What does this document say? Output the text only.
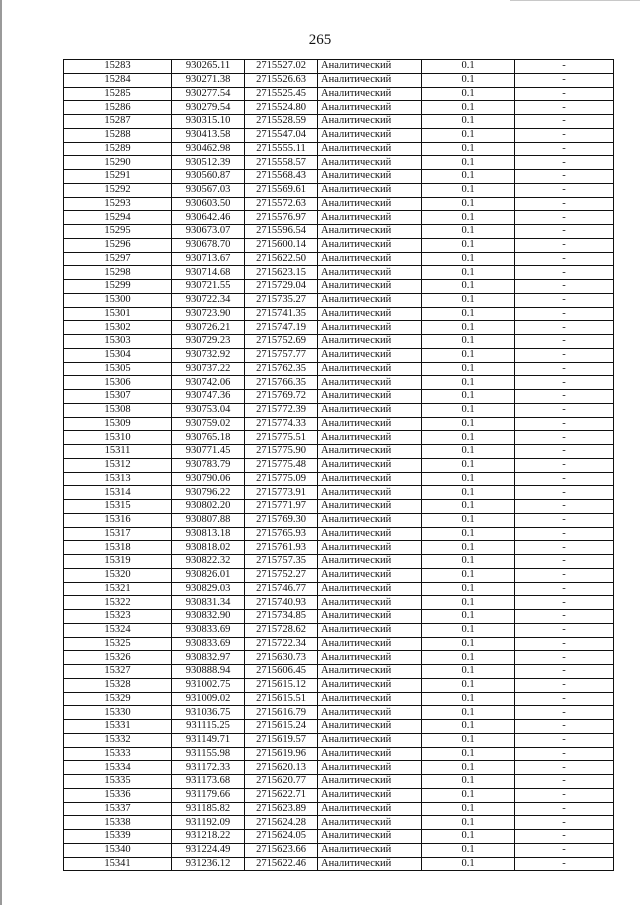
265
15283	930265.11	2715527.02	Аналитический	0.1	-
15284	930271.38	2715526.63	Аналитический	0.1	-
15285	930277.54	2715525.45	Аналитический	0.1	-
15286	930279.54	2715524.80	Аналитический	0.1	-
15287	930315.10	2715528.59	Аналитический	0.1	-
15288	930413.58	2715547.04	Аналитический	0.1	-
15289	930462.98	2715555.11	Аналитический	0.1	-
15290	930512.39	2715558.57	Аналитический	0.1	-
15291	930560.87	2715568.43	Аналитический	0.1	-
15292	930567.03	2715569.61	Аналитический	0.1	-
15293	930603.50	2715572.63	Аналитический	0.1	-
15294	930642.46	2715576.97	Аналитический	0.1	-
15295	930673.07	2715596.54	Аналитический	0.1	-
15296	930678.70	2715600.14	Аналитический	0.1	-
15297	930713.67	2715622.50	Аналитический	0.1	-
15298	930714.68	2715623.15	Аналитический	0.1	-
15299	930721.55	2715729.04	Аналитический	0.1	-
15300	930722.34	2715735.27	Аналитический	0.1	-
15301	930723.90	2715741.35	Аналитический	0.1	-
15302	930726.21	2715747.19	Аналитический	0.1	-
15303	930729.23	2715752.69	Аналитический	0.1	-
15304	930732.92	2715757.77	Аналитический	0.1	-
15305	930737.22	2715762.35	Аналитический	0.1	-
15306	930742.06	2715766.35	Аналитический	0.1	-
15307	930747.36	2715769.72	Аналитический	0.1	-
15308	930753.04	2715772.39	Аналитический	0.1	-
15309	930759.02	2715774.33	Аналитический	0.1	-
15310	930765.18	2715775.51	Аналитический	0.1	-
15311	930771.45	2715775.90	Аналитический	0.1	-
15312	930783.79	2715775.48	Аналитический	0.1	-
15313	930790.06	2715775.09	Аналитический	0.1	-
15314	930796.22	2715773.91	Аналитический	0.1	-
15315	930802.20	2715771.97	Аналитический	0.1	-
15316	930807.88	2715769.30	Аналитический	0.1	-
15317	930813.18	2715765.93	Аналитический	0.1	-
15318	930818.02	2715761.93	Аналитический	0.1	-
15319	930822.32	2715757.35	Аналитический	0.1	-
15320	930826.01	2715752.27	Аналитический	0.1	-
15321	930829.03	2715746.77	Аналитический	0.1	-
15322	930831.34	2715740.93	Аналитический	0.1	-
15323	930832.90	2715734.85	Аналитический	0.1	-
15324	930833.69	2715728.62	Аналитический	0.1	-
15325	930833.69	2715722.34	Аналитический	0.1	-
15326	930832.97	2715630.73	Аналитический	0.1	-
15327	930888.94	2715606.45	Аналитический	0.1	-
15328	931002.75	2715615.12	Аналитический	0.1	-
15329	931009.02	2715615.51	Аналитический	0.1	-
15330	931036.75	2715616.79	Аналитический	0.1	-
15331	931115.25	2715615.24	Аналитический	0.1	-
15332	931149.71	2715619.57	Аналитический	0.1	-
15333	931155.98	2715619.96	Аналитический	0.1	-
15334	931172.33	2715620.13	Аналитический	0.1	-
15335	931173.68	2715620.77	Аналитический	0.1	-
15336	931179.66	2715622.71	Аналитический	0.1	-
15337	931185.82	2715623.89	Аналитический	0.1	-
15338	931192.09	2715624.28	Аналитический	0.1	-
15339	931218.22	2715624.05	Аналитический	0.1	-
15340	931224.49	2715623.66	Аналитический	0.1	-
15341	931236.12	2715622.46	Аналитический	0.1	-
